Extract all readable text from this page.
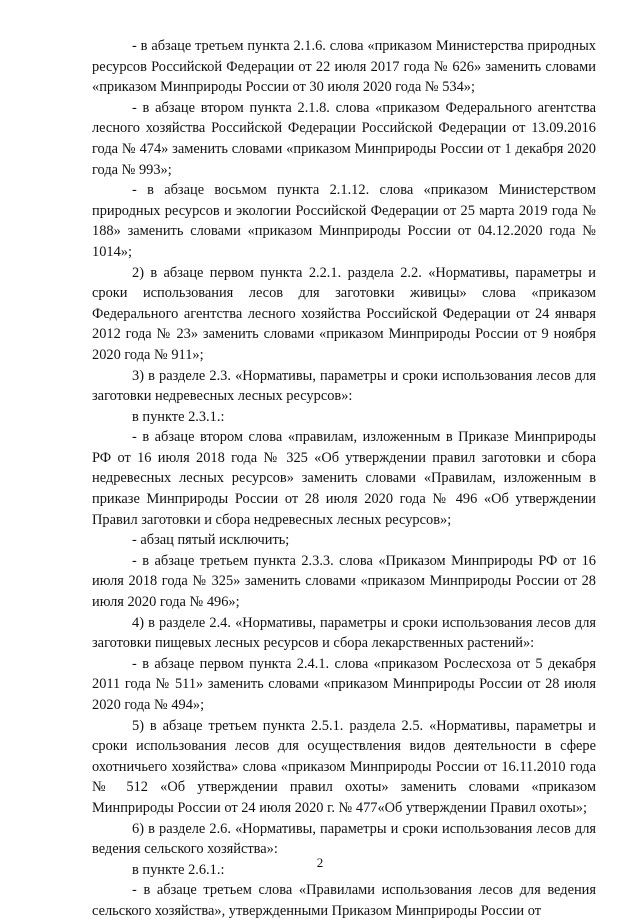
- в абзаце третьем пункта 2.1.6. слова «приказом Министерства природных ресурсов Российской Федерации от 22 июля 2017 года № 626» заменить словами «приказом Минприроды России от 30 июля 2020 года № 534»;

- в абзаце втором пункта 2.1.8. слова «приказом Федерального агентства лесного хозяйства Российской Федерации Российской Федерации от 13.09.2016 года № 474» заменить словами «приказом Минприроды России от 1 декабря 2020 года № 993»;

- в абзаце восьмом пункта 2.1.12. слова «приказом Министерством природных ресурсов и экологии Российской Федерации от 25 марта 2019 года № 188» заменить словами «приказом Минприроды России от 04.12.2020 года № 1014»;

2) в абзаце первом пункта 2.2.1. раздела 2.2. «Нормативы, параметры и сроки использования лесов для заготовки живицы» слова «приказом Федерального агентства лесного хозяйства Российской Федерации от 24 января 2012 года № 23» заменить словами «приказом Минприроды России от 9 ноября 2020 года № 911»;

3) в разделе 2.3. «Нормативы, параметры и сроки использования лесов для заготовки недревесных лесных ресурсов»:

в пункте 2.3.1.:

- в абзаце втором слова «правилам, изложенным в Приказе Минприроды РФ от 16 июля 2018 года № 325 «Об утверждении правил заготовки и сбора недревесных лесных ресурсов» заменить словами «Правилам, изложенным в приказе Минприроды России от 28 июля 2020 года № 496 «Об утверждении Правил заготовки и сбора недревесных лесных ресурсов»;

- абзац пятый исключить;

- в абзаце третьем пункта 2.3.3. слова «Приказом Минприроды РФ от 16 июля 2018 года № 325» заменить словами «приказом Минприроды России от 28 июля 2020 года № 496»;

4) в разделе 2.4. «Нормативы, параметры и сроки использования лесов для заготовки пищевых лесных ресурсов и сбора лекарственных растений»:

- в абзаце первом пункта 2.4.1. слова «приказом Рослесхоза от 5 декабря 2011 года № 511» заменить словами «приказом Минприроды России от 28 июля 2020 года № 494»;

5) в абзаце третьем пункта 2.5.1. раздела 2.5. «Нормативы, параметры и сроки использования лесов для осуществления видов деятельности в сфере охотничьего хозяйства» слова «приказом Минприроды России от 16.11.2010 года № 512 «Об утверждении правил охоты» заменить словами «приказом Минприроды России от 24 июля 2020 г. № 477«Об утверждении Правил охоты»;

6) в разделе 2.6. «Нормативы, параметры и сроки использования лесов для ведения сельского хозяйства»:

в пункте 2.6.1.:

- в абзаце третьем слова «Правилами использования лесов для ведения сельского хозяйства», утвержденными Приказом Минприроды России от

2
